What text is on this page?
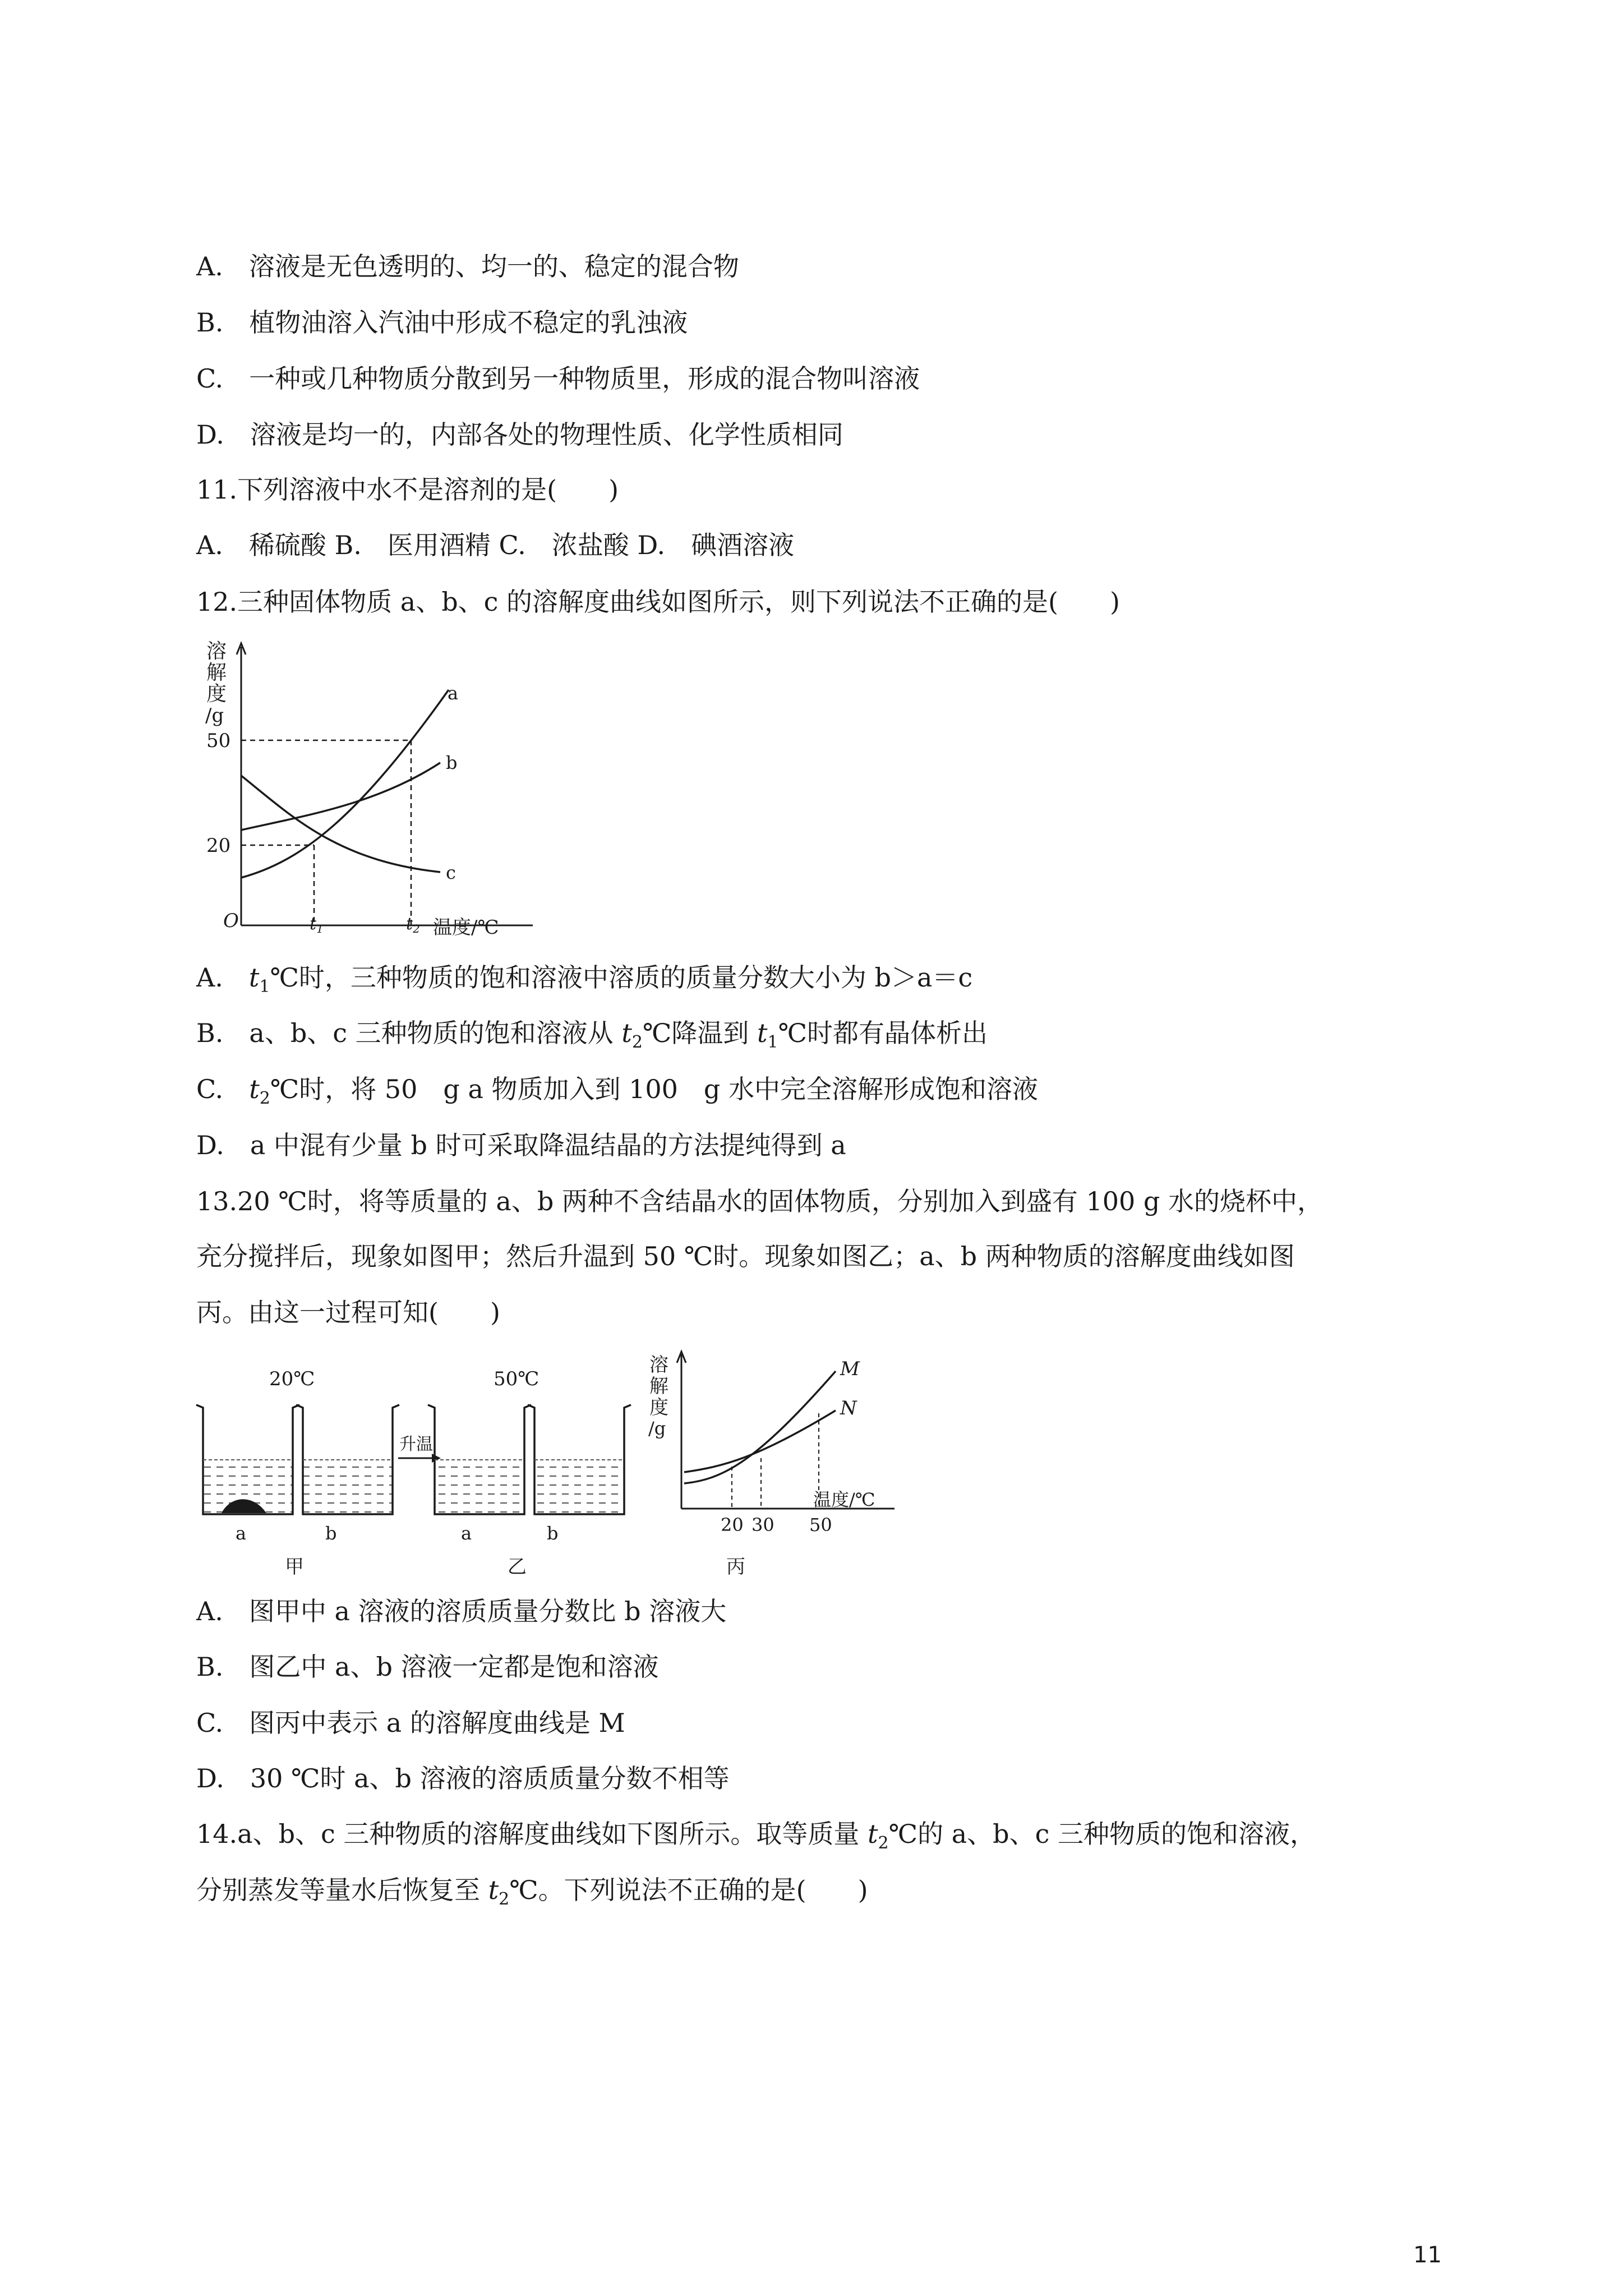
A.　溶液是无色透明的、均一的、稳定的混合物
B.　植物油溶入汽油中形成不稳定的乳浊液
C.　一种或几种物质分散到另一种物质里，形成的混合物叫溶液
D.　溶液是均一的，内部各处的物理性质、化学性质相同
11.下列溶液中水不是溶剂的是(　　)
A.　稀硫酸 B.　医用酒精 C.　浓盐酸 D.　碘酒溶液
12.三种固体物质 a、b、c 的溶解度曲线如图所示，则下列说法不正确的是(　　)
溶
解
度
/g
50
20
O	$t_1$	$t_2$ 温度/℃
a
b
c
A.　$t_1℃$时，三种物质的饱和溶液中溶质的质量分数大小为 b＞a＝c
B.　a、b、c 三种物质的饱和溶液从 $t_2℃$降温到 $t_1℃$时都有晶体析出
C.　$t_2℃$时，将 50　g a 物质加入到 100　g 水中完全溶解形成饱和溶液
D.　a 中混有少量 b 时可采取降温结晶的方法提纯得到 a
13.20 ℃时，将等质量的 a、b 两种不含结晶水的固体物质，分别加入到盛有 100 g 水的烧杯中，
充分搅拌后，现象如图甲；然后升温到 50 ℃时。现象如图乙；a、b 两种物质的溶解度曲线如图
丙。由这一过程可知(　　)
20℃	50℃
升温
a	b	a	b
甲	乙	丙
溶
解
度
/g
M
N
温度/℃
20 30 50
A.　图甲中 a 溶液的溶质质量分数比 b 溶液大
B.　图乙中 a、b 溶液一定都是饱和溶液
C.　图丙中表示 a 的溶解度曲线是 M
D.　30 ℃时 a、b 溶液的溶质质量分数不相等
14.a、b、c 三种物质的溶解度曲线如下图所示。取等质量 $t_2℃$的 a、b、c 三种物质的饱和溶液，
分别蒸发等量水后恢复至 $t_2℃$。下列说法不正确的是(　　)
11
